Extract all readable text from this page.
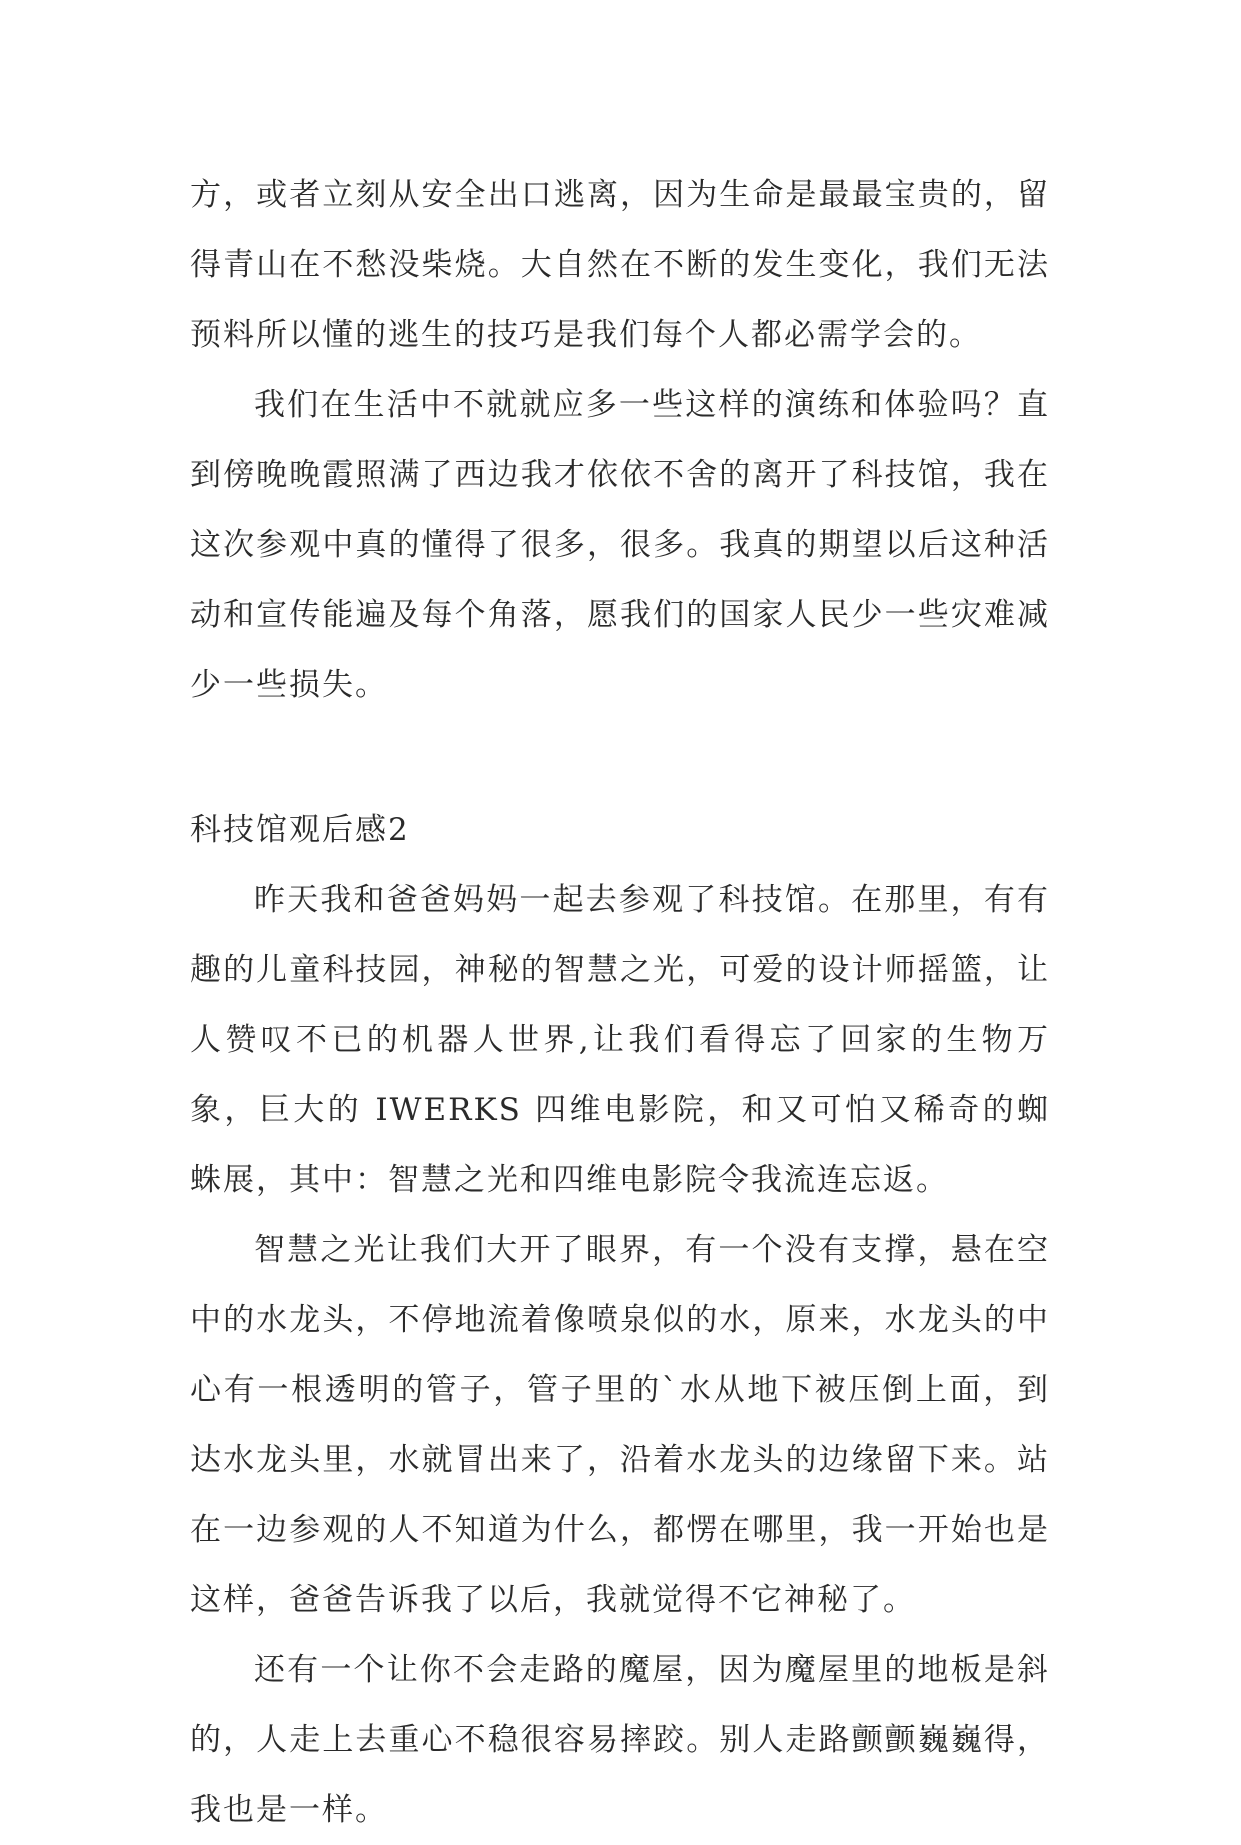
方，或者立刻从安全出口逃离，因为生命是最最宝贵的，留得青山在不愁没柴烧。大自然在不断的发生变化，我们无法预料所以懂的逃生的技巧是我们每个人都必需学会的。

我们在生活中不就就应多一些这样的演练和体验吗？直到傍晚晚霞照满了西边我才依依不舍的离开了科技馆，我在这次参观中真的懂得了很多，很多。我真的期望以后这种活动和宣传能遍及每个角落，愿我们的国家人民少一些灾难减少一些损失。

科技馆观后感2

昨天我和爸爸妈妈一起去参观了科技馆。在那里，有有趣的儿童科技园，神秘的智慧之光，可爱的设计师摇篮，让人赞叹不已的机器人世界,让我们看得忘了回家的生物万象，巨大的 IWERKS 四维电影院，和又可怕又稀奇的蜘蛛展，其中：智慧之光和四维电影院令我流连忘返。

智慧之光让我们大开了眼界，有一个没有支撑，悬在空中的水龙头，不停地流着像喷泉似的水，原来，水龙头的中心有一根透明的管子，管子里的`水从地下被压倒上面，到达水龙头里，水就冒出来了，沿着水龙头的边缘留下来。站在一边参观的人不知道为什么，都愣在哪里，我一开始也是这样，爸爸告诉我了以后，我就觉得不它神秘了。

还有一个让你不会走路的魔屋，因为魔屋里的地板是斜的，人走上去重心不稳很容易摔跤。别人走路颤颤巍巍得，我也是一样。
